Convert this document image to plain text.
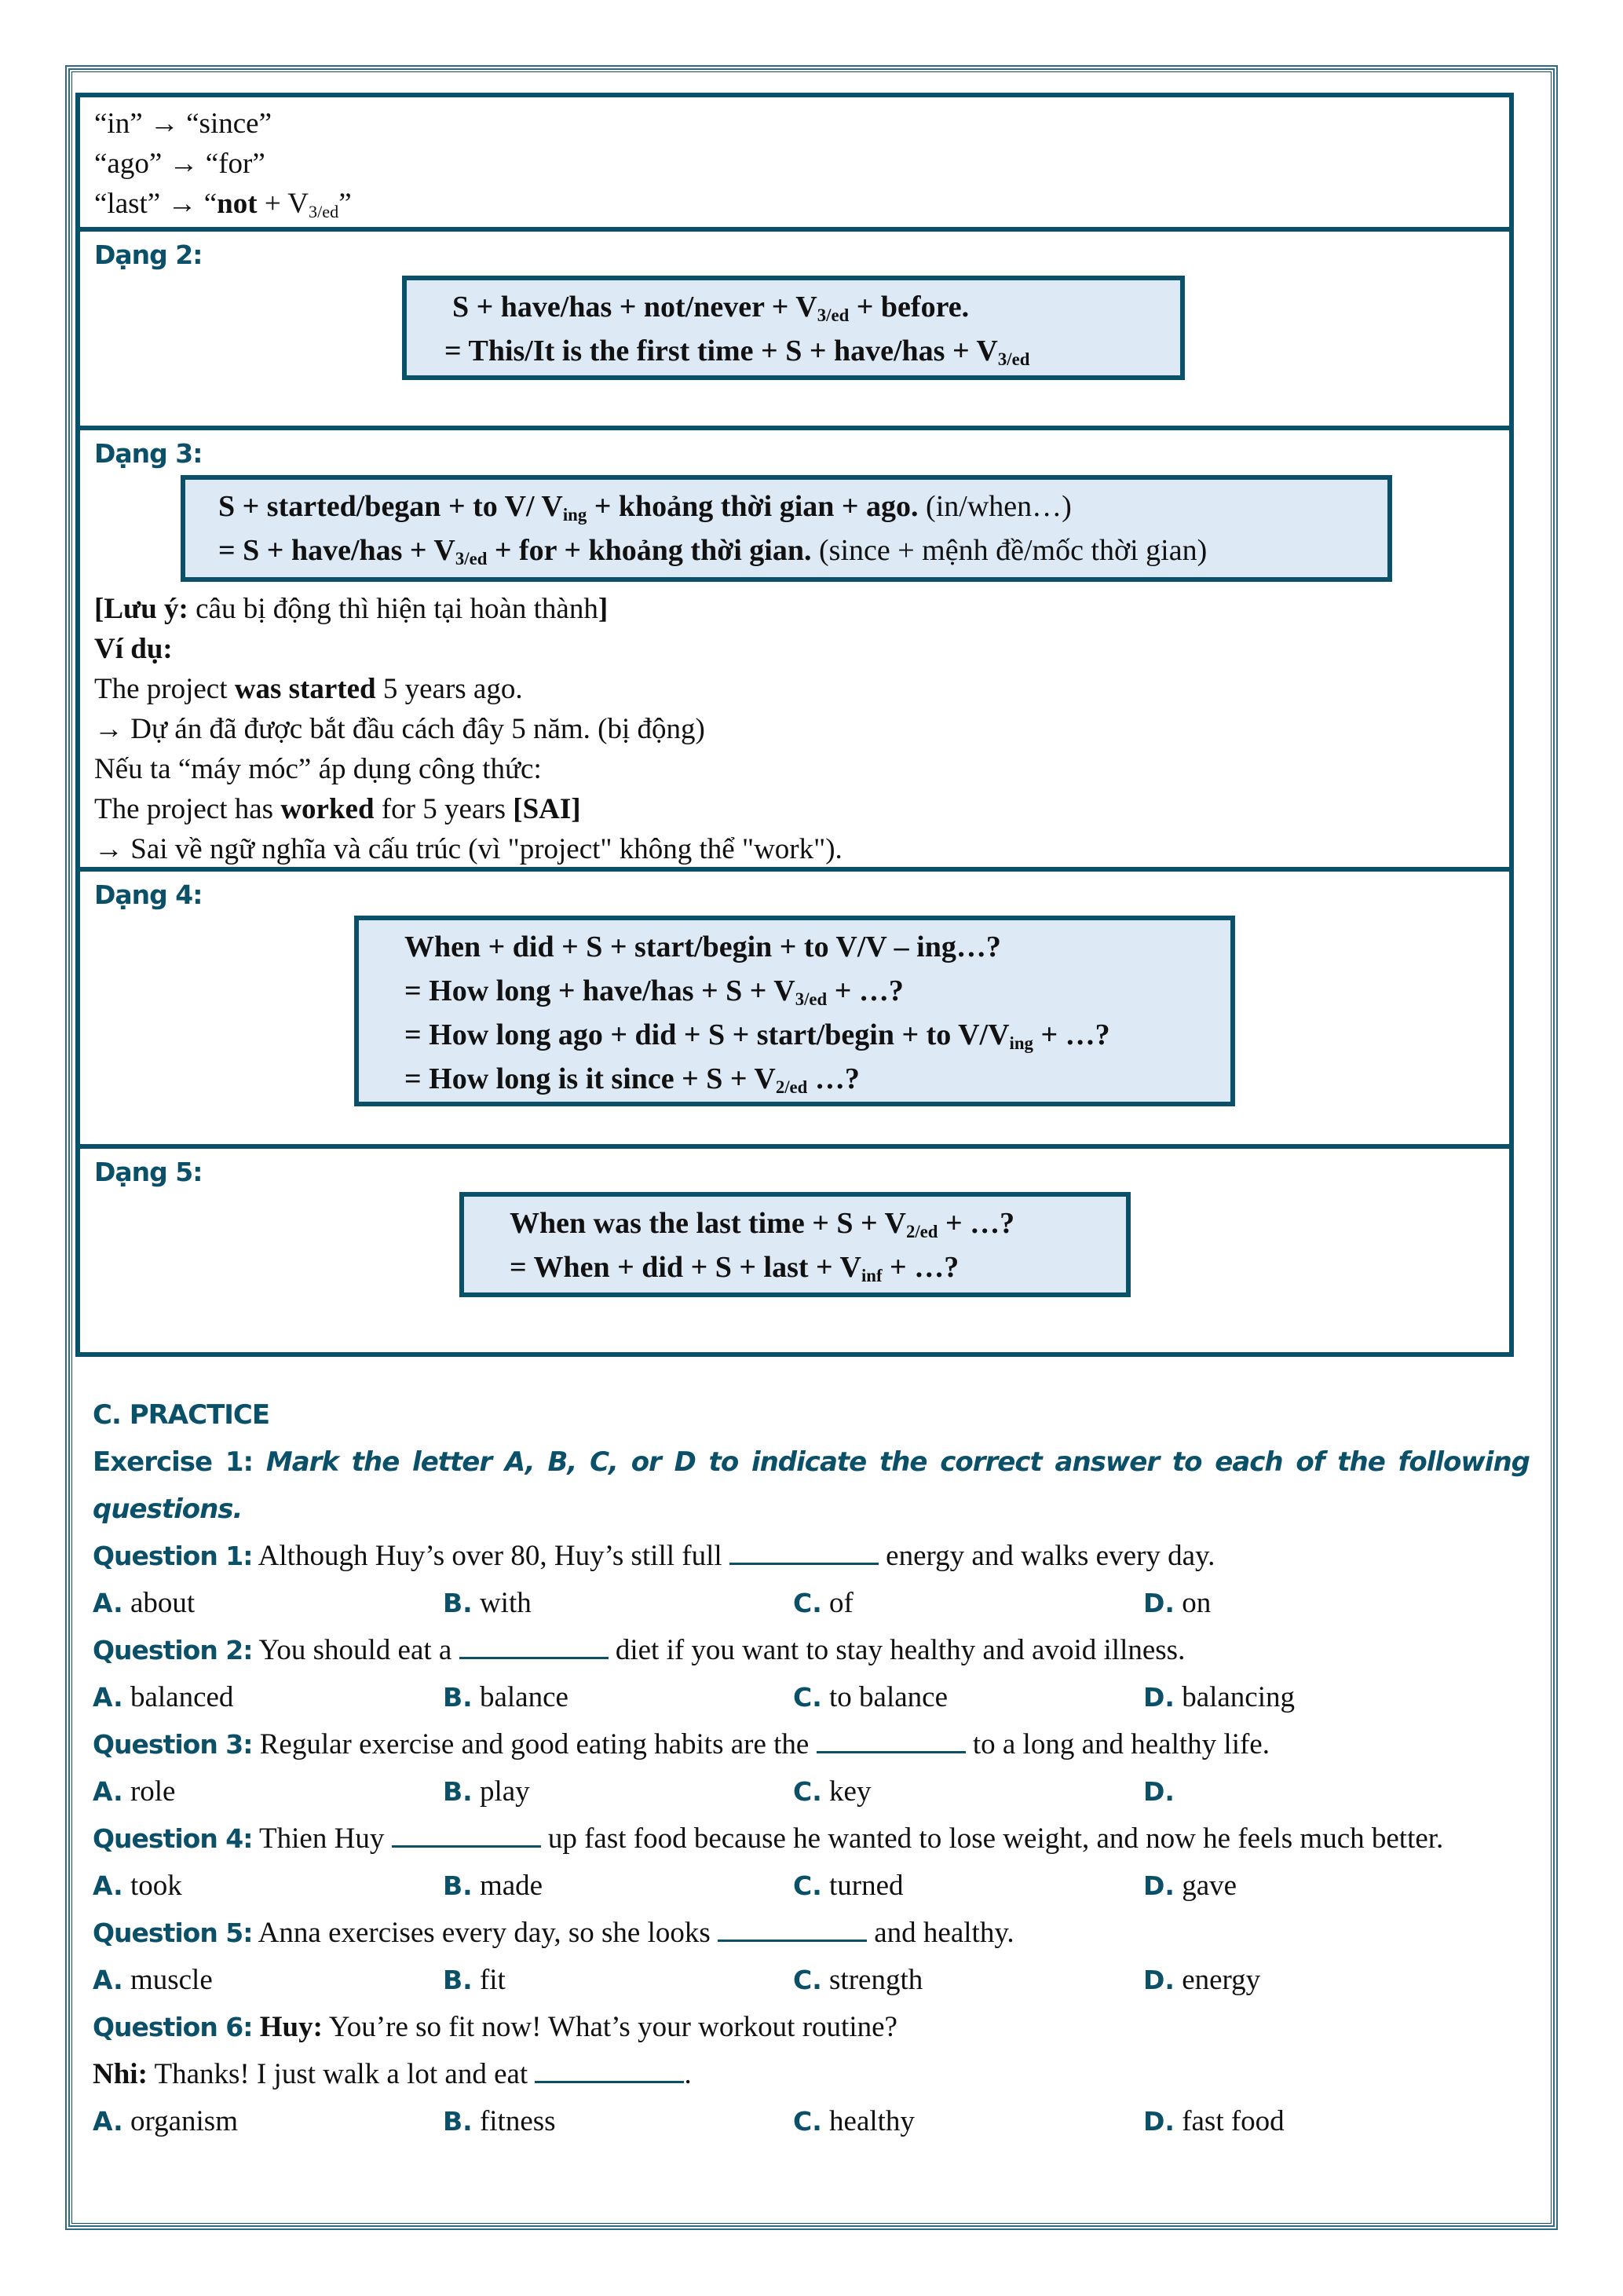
“in” → “since”
“ago” → “for”
“last” → “not + $V_{3/ed}$”
Dạng 2:
S + have/has + not/never + $V_{3/ed}$ + before.
= This/It is the first time + S + have/has + $V_{3/ed}$
Dạng 3:
S + started/began + to V/ $V_{ing}$ + khoảng thời gian + ago. (in/when…)
= S + have/has + $V_{3/ed}$ + for + khoảng thời gian. (since + mệnh đề/mốc thời gian)
[Lưu ý: câu bị động thì hiện tại hoàn thành]
Ví dụ:
The project was started 5 years ago.
→ Dự án đã được bắt đầu cách đây 5 năm. (bị động)
Nếu ta “máy móc” áp dụng công thức:
The project has worked for 5 years [SAI]
→ Sai về ngữ nghĩa và cấu trúc (vì "project" không thể "work").
Dạng 4:
When + did + S + start/begin + to V/V – ing…?
= How long + have/has + $S + V_{3/ed}$ + …?
= How long ago + did + S + start/begin + to $V/V_{ing}$ + …?
= How long is it since + $S + V_{2/ed}$ …?
Dạng 5:
When was the last time + $S + V_{2/ed}$ + …?
= When + did + S + last + $V_{inf}$ + …?
C. PRACTICE
Exercise 1: Mark the letter A, B, C, or D to indicate the correct answer to each of the following questions.
Question 1: Although Huy’s over 80, Huy’s still full	energy and walks every day.
A. about	B. with	C. of	D. on
Question 2: You should eat a	diet if you want to stay healthy and avoid illness.
A. balanced	B. balance	C. to balance	D. balancing
Question 3: Regular exercise and good eating habits are the	to a long and healthy life.
A. role	B. play	C. key	D.
Question 4: Thien Huy	up fast food because he wanted to lose weight, and now he feels much better.
A. took	B. made	C. turned	D. gave
Question 5: Anna exercises every day, so she looks	and healthy.
A. muscle	B. fit	C. strength	D. energy
Question 6: Huy: You’re so fit now! What’s your workout routine?
Nhi: Thanks! I just walk a lot and eat	.
A. organism	B. fitness	C. healthy	D. fast food
